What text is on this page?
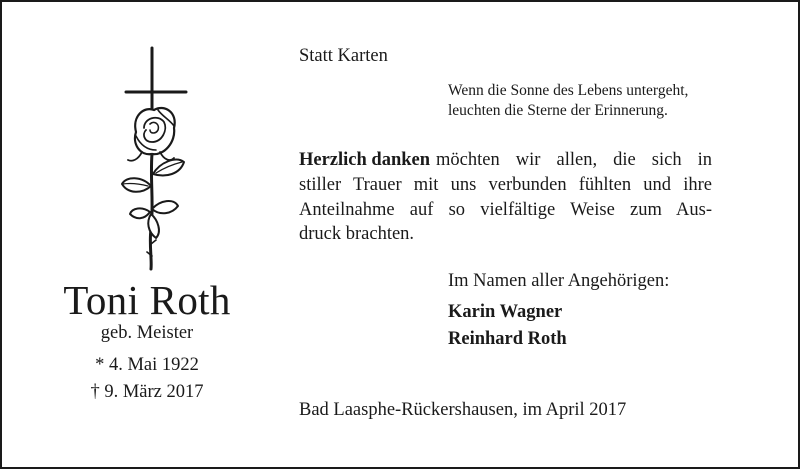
Toni Roth
geb. Meister
* 4. Mai 1922
† 9. März 2017
Statt Karten
Wenn die Sonne des Lebens untergeht,
leuchten die Sterne der Erinnerung.
Herzlich danken möchten wir allen, die sich in
stiller Trauer mit uns verbunden fühlten und ihre
Anteilnahme auf so vielfältige Weise zum Aus-
druck brachten.
Im Namen aller Angehörigen:
Karin Wagner
Reinhard Roth
Bad Laasphe-Rückershausen, im April 2017
